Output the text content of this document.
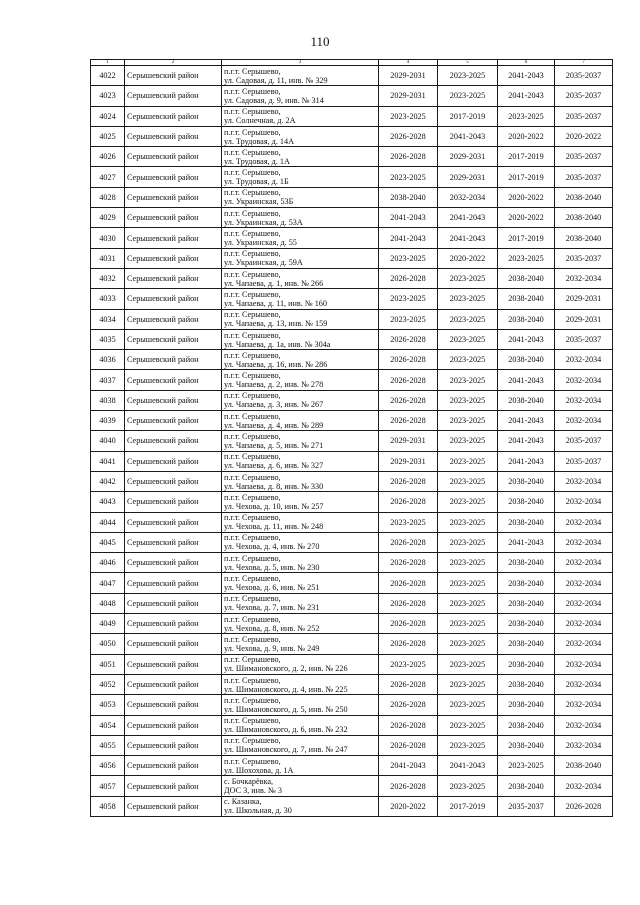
110
1	2	3	4	5	6	7
4022	Серышевский район	п.г.т. Серышево,
ул. Садовая, д. 11, инв. № 329	2029-2031	2023-2025	2041-2043	2035-2037
4023	Серышевский район	п.г.т. Серышево,
ул. Садовая, д. 9, инв. № 314	2029-2031	2023-2025	2041-2043	2035-2037
4024	Серышевский район	п.г.т. Серышево,
ул. Солнечная, д. 2А	2023-2025	2017-2019	2023-2025	2035-2037
4025	Серышевский район	п.г.т. Серышево,
ул. Трудовая, д. 14А	2026-2028	2041-2043	2020-2022	2020-2022
4026	Серышевский район	п.г.т. Серышево,
ул. Трудовая, д. 1А	2026-2028	2029-2031	2017-2019	2035-2037
4027	Серышевский район	п.г.т. Серышево,
ул. Трудовая, д. 1Б	2023-2025	2029-2031	2017-2019	2035-2037
4028	Серышевский район	п.г.т. Серышево,
ул. Украинская, 53Б	2038-2040	2032-2034	2020-2022	2038-2040
4029	Серышевский район	п.г.т. Серышево,
ул. Украинская, д. 53А	2041-2043	2041-2043	2020-2022	2038-2040
4030	Серышевский район	п.г.т. Серышево,
ул. Украинская, д. 55	2041-2043	2041-2043	2017-2019	2038-2040
4031	Серышевский район	п.г.т. Серышево,
ул. Украинская, д. 59А	2023-2025	2020-2022	2023-2025	2035-2037
4032	Серышевский район	п.г.т. Серышево,
ул. Чапаева, д. 1, инв. № 266	2026-2028	2023-2025	2038-2040	2032-2034
4033	Серышевский район	п.г.т. Серышево,
ул. Чапаева, д. 11, инв. № 160	2023-2025	2023-2025	2038-2040	2029-2031
4034	Серышевский район	п.г.т. Серышево,
ул. Чапаева, д. 13, инв. № 159	2023-2025	2023-2025	2038-2040	2029-2031
4035	Серышевский район	п.г.т. Серышево,
ул. Чапаева, д. 1а, инв. № 304а	2026-2028	2023-2025	2041-2043	2035-2037
4036	Серышевский район	п.г.т. Серышево,
ул. Чапаева, д. 16, инв. № 286	2026-2028	2023-2025	2038-2040	2032-2034
4037	Серышевский район	п.г.т. Серышево,
ул. Чапаева, д. 2, инв. № 278	2026-2028	2023-2025	2041-2043	2032-2034
4038	Серышевский район	п.г.т. Серышево,
ул. Чапаева, д. 3, инв. № 267	2026-2028	2023-2025	2038-2040	2032-2034
4039	Серышевский район	п.г.т. Серышево,
ул. Чапаева, д. 4, инв. № 289	2026-2028	2023-2025	2041-2043	2032-2034
4040	Серышевский район	п.г.т. Серышево,
ул. Чапаева, д. 5, инв. № 271	2029-2031	2023-2025	2041-2043	2035-2037
4041	Серышевский район	п.г.т. Серышево,
ул. Чапаева, д. 6, инв. № 327	2029-2031	2023-2025	2041-2043	2035-2037
4042	Серышевский район	п.г.т. Серышево,
ул. Чапаева, д. 8, инв. № 330	2026-2028	2023-2025	2038-2040	2032-2034
4043	Серышевский район	п.г.т. Серышево,
ул. Чехова, д. 10, инв. № 257	2026-2028	2023-2025	2038-2040	2032-2034
4044	Серышевский район	п.г.т. Серышево,
ул. Чехова, д. 11, инв. № 248	2023-2025	2023-2025	2038-2040	2032-2034
4045	Серышевский район	п.г.т. Серышево,
ул. Чехова, д. 4, инв. № 270	2026-2028	2023-2025	2041-2043	2032-2034
4046	Серышевский район	п.г.т. Серышево,
ул. Чехова, д. 5, инв. № 230	2026-2028	2023-2025	2038-2040	2032-2034
4047	Серышевский район	п.г.т. Серышево,
ул. Чехова, д. 6, инв. № 251	2026-2028	2023-2025	2038-2040	2032-2034
4048	Серышевский район	п.г.т. Серышево,
ул. Чехова, д. 7, инв. № 231	2026-2028	2023-2025	2038-2040	2032-2034
4049	Серышевский район	п.г.т. Серышево,
ул. Чехова, д. 8, инв. № 252	2026-2028	2023-2025	2038-2040	2032-2034
4050	Серышевский район	п.г.т. Серышево,
ул. Чехова, д. 9, инв. № 249	2026-2028	2023-2025	2038-2040	2032-2034
4051	Серышевский район	п.г.т. Серышево,
ул. Шимановского, д. 2, инв. № 226	2023-2025	2023-2025	2038-2040	2032-2034
4052	Серышевский район	п.г.т. Серышево,
ул. Шимановского, д. 4, инв. № 225	2026-2028	2023-2025	2038-2040	2032-2034
4053	Серышевский район	п.г.т. Серышево,
ул. Шимановского, д. 5, инв. № 250	2026-2028	2023-2025	2038-2040	2032-2034
4054	Серышевский район	п.г.т. Серышево,
ул. Шимановского, д. 6, инв. № 232	2026-2028	2023-2025	2038-2040	2032-2034
4055	Серышевский район	п.г.т. Серышево,
ул. Шимановского, д. 7, инв. № 247	2026-2028	2023-2025	2038-2040	2032-2034
4056	Серышевский район	п.г.т. Серышево,
ул. Шохохова, д. 1А	2041-2043	2041-2043	2023-2025	2038-2040
4057	Серышевский район	с. Бочкарёвка,
ДОС 3, инв. № 3	2026-2028	2023-2025	2038-2040	2032-2034
4058	Серышевский район	с. Казанка,
ул. Школьная, д. 30	2020-2022	2017-2019	2035-2037	2026-2028
